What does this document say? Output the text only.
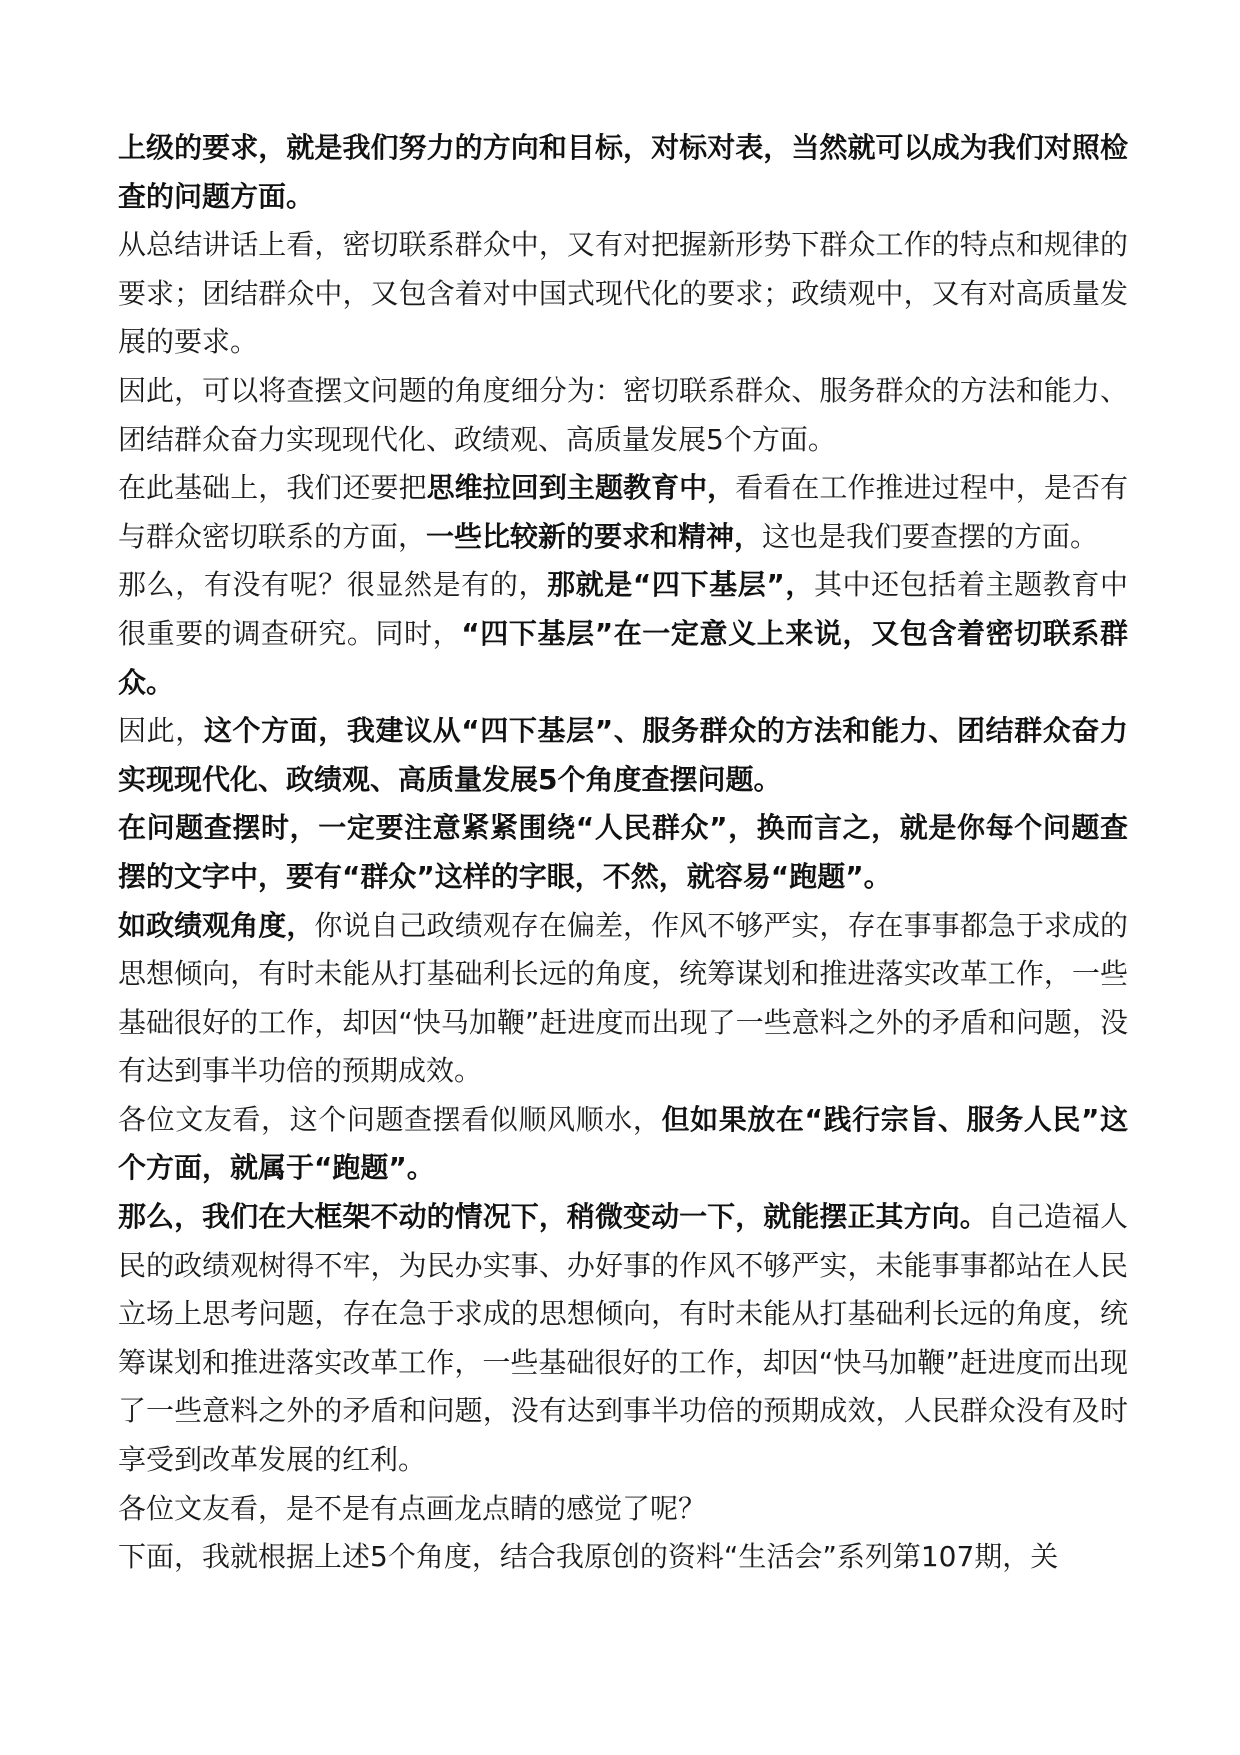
上级的要求，就是我们努力的方向和目标，对标对表，当然就可以成为我们对照检查的问题方面。

从总结讲话上看，密切联系群众中，又有对把握新形势下群众工作的特点和规律的要求；团结群众中，又包含着对中国式现代化的要求；政绩观中，又有对高质量发展的要求。

因此，可以将查摆文问题的角度细分为：密切联系群众、服务群众的方法和能力、团结群众奋力实现现代化、政绩观、高质量发展5个方面。

在此基础上，我们还要把思维拉回到主题教育中，看看在工作推进过程中，是否有与群众密切联系的方面，一些比较新的要求和精神，这也是我们要查摆的方面。

那么，有没有呢？很显然是有的，那就是“四下基层”，其中还包括着主题教育中很重要的调查研究。同时，“四下基层”在一定意义上来说，又包含着密切联系群众。

因此，这个方面，我建议从“四下基层”、服务群众的方法和能力、团结群众奋力实现现代化、政绩观、高质量发展5个角度查摆问题。

在问题查摆时，一定要注意紧紧围绕“人民群众”，换而言之，就是你每个问题查摆的文字中，要有“群众”这样的字眼，不然，就容易“跑题”。

如政绩观角度，你说自己政绩观存在偏差，作风不够严实，存在事事都急于求成的思想倾向，有时未能从打基础利长远的角度，统筹谋划和推进落实改革工作，一些基础很好的工作，却因“快马加鞭”赶进度而出现了一些意料之外的矛盾和问题，没有达到事半功倍的预期成效。

各位文友看，这个问题查摆看似顺风顺水，但如果放在“践行宗旨、服务人民”这个方面，就属于“跑题”。

那么，我们在大框架不动的情况下，稍微变动一下，就能摆正其方向。自己造福人民的政绩观树得不牢，为民办实事、办好事的作风不够严实，未能事事都站在人民立场上思考问题，存在急于求成的思想倾向，有时未能从打基础利长远的角度，统筹谋划和推进落实改革工作，一些基础很好的工作，却因“快马加鞭”赶进度而出现了一些意料之外的矛盾和问题，没有达到事半功倍的预期成效，人民群众没有及时享受到改革发展的红利。

各位文友看，是不是有点画龙点睛的感觉了呢？

下面，我就根据上述5个角度，结合我原创的资料“生活会”系列第107期，关
